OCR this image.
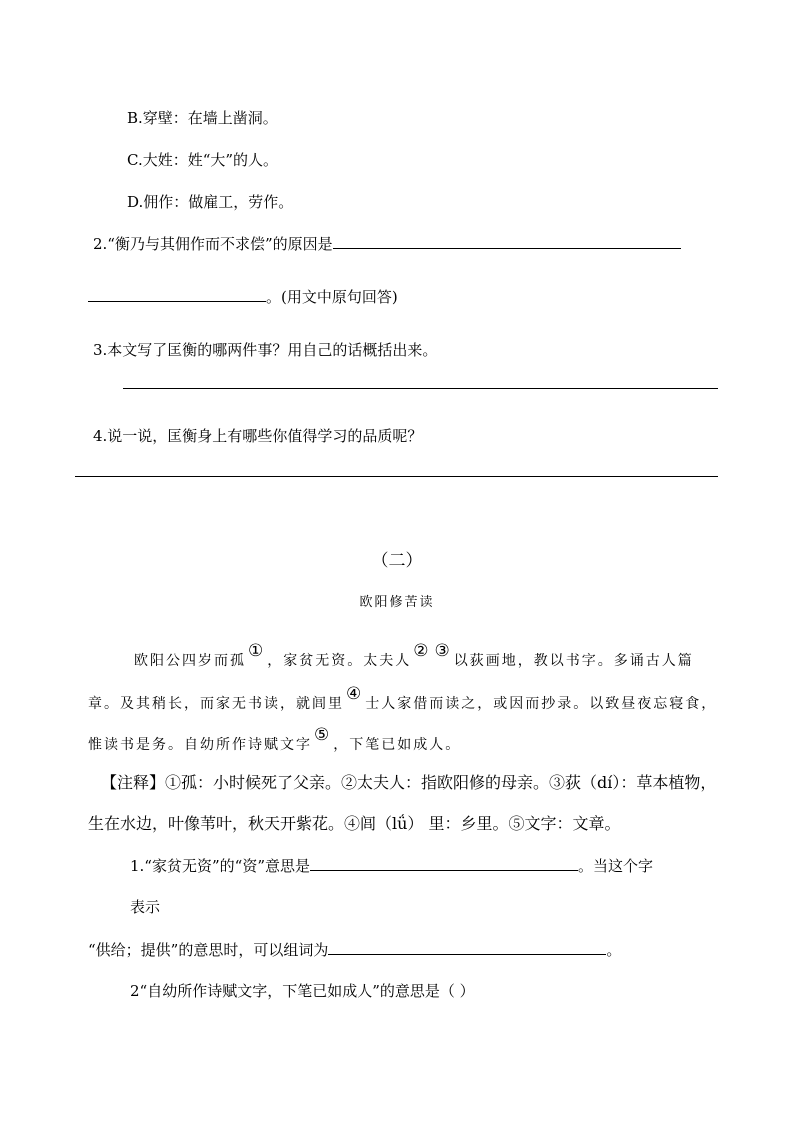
B.穿壁：在墙上凿洞。
C.大姓：姓“大”的人。
D.佣作：做雇工，劳作。
2.“衡乃与其佣作而不求偿”的原因是
。(用文中原句回答)
3.本文写了匡衡的哪两件事？用自己的话概括出来。
4.说一说，匡衡身上有哪些你值得学习的品质呢？
（二）
欧阳修苦读
欧阳公四岁而孤 ① ，家贫无资。太夫人 ② ③ 以荻画地，教以书字。多诵古人篇
章。及其稍长，而家无书读，就闾里 ④ 士人家借而读之，或因而抄录。以致昼夜忘寝食，
惟读书是务。自幼所作诗赋文字 ⑤ ，下笔已如成人。
【注释】①孤：小时候死了父亲。②太夫人：指欧阳修的母亲。③荻（dí）：草本植物，
生在水边，叶像苇叶，秋天开紫花。④闾（lǘ） 里：乡里。⑤文字：文章。
1.“家贫无资”的“资”意思是	。当这个字
表示
“供给；提供”的意思时，可以组词为	。
2“自幼所作诗赋文字，下笔已如成人”的意思是（ ）
